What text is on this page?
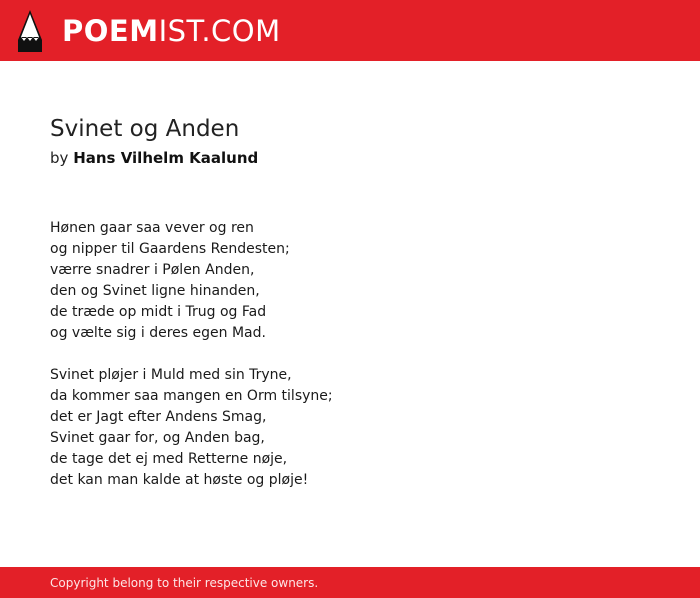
POEMIST.COM
Svinet og Anden
by Hans Vilhelm Kaalund
Hønen gaar saa vever og ren
og nipper til Gaardens Rendesten;
værre snadrer i Pølen Anden,
den og Svinet ligne hinanden,
de træde op midt i Trug og Fad
og vælte sig i deres egen Mad.
Svinet pløjer i Muld med sin Tryne,
da kommer saa mangen en Orm tilsyne;
det er Jagt efter Andens Smag,
Svinet gaar for, og Anden bag,
de tage det ej med Retterne nøje,
det kan man kalde at høste og pløje!
Copyright belong to their respective owners.
